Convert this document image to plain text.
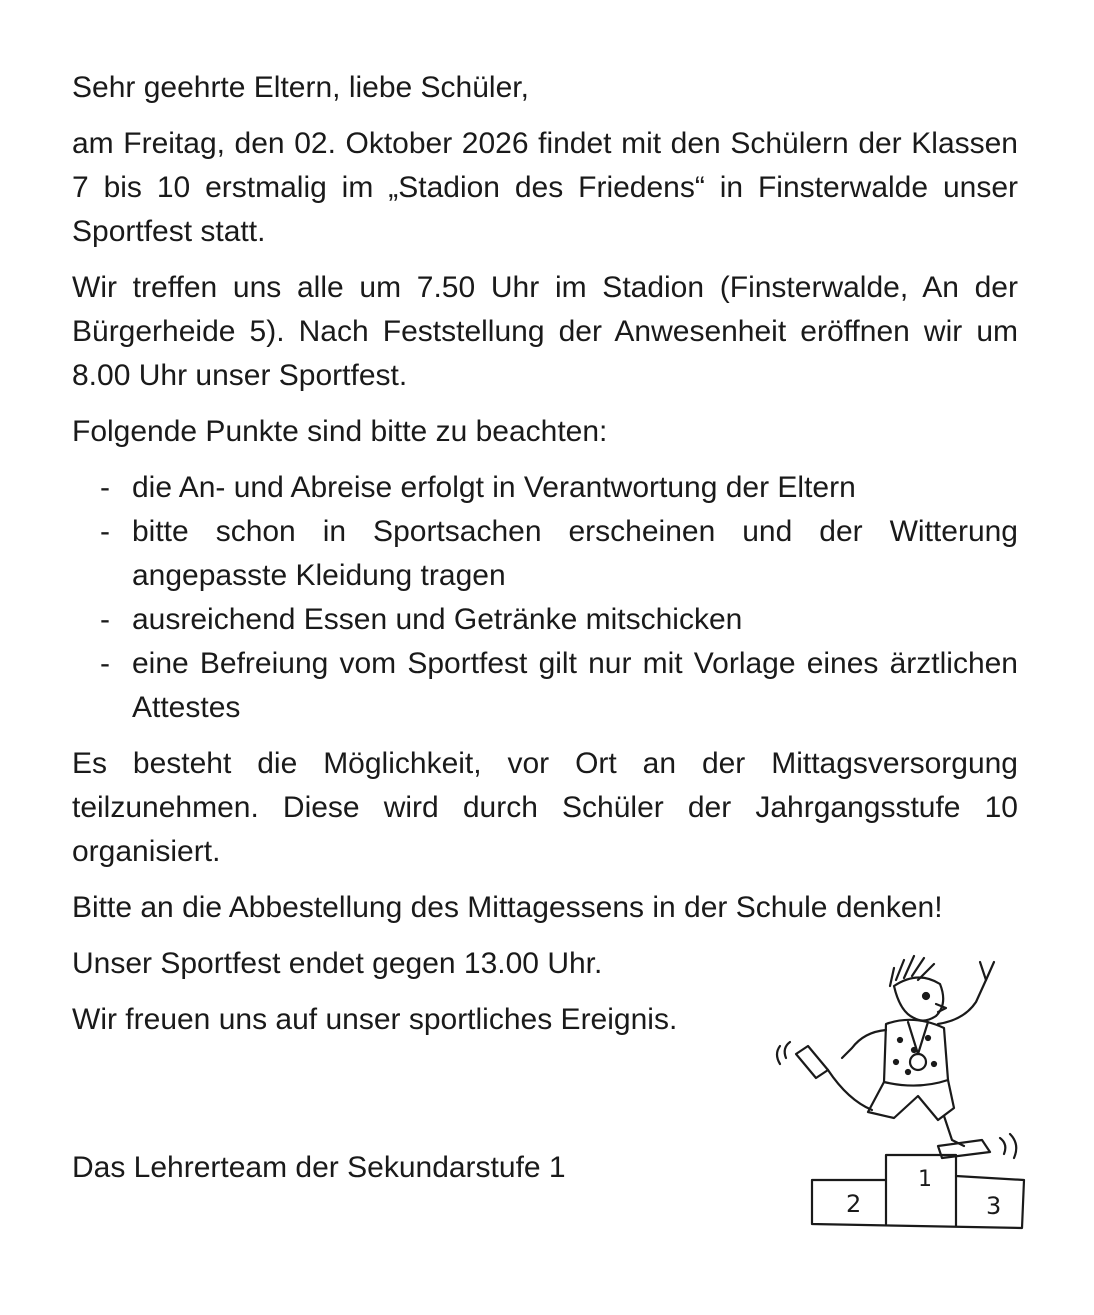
Sehr geehrte Eltern, liebe Schüler,

am Freitag, den 02. Oktober 2026 findet mit den Schülern der Klassen 7 bis 10 erstmalig im „Stadion des Friedens“ in Finsterwalde unser Sportfest statt.

Wir treffen uns alle um 7.50 Uhr im Stadion (Finsterwalde, An der Bürgerheide 5). Nach Feststellung der Anwesenheit eröffnen wir um 8.00 Uhr unser Sportfest.

Folgende Punkte sind bitte zu beachten:

- die An- und Abreise erfolgt in Verantwortung der Eltern
- bitte schon in Sportsachen erscheinen und der Witterung angepasste Kleidung tragen
- ausreichend Essen und Getränke mitschicken
- eine Befreiung vom Sportfest gilt nur mit Vorlage eines ärztlichen Attestes

Es besteht die Möglichkeit, vor Ort an der Mittagsversorgung teilzunehmen. Diese wird durch Schüler der Jahrgangsstufe 10 organisiert.

Bitte an die Abbestellung des Mittagessens in der Schule denken!

Unser Sportfest endet gegen 13.00 Uhr.

Wir freuen uns auf unser sportliches Ereignis.

Das Lehrerteam der Sekundarstufe 1	1
2	3
